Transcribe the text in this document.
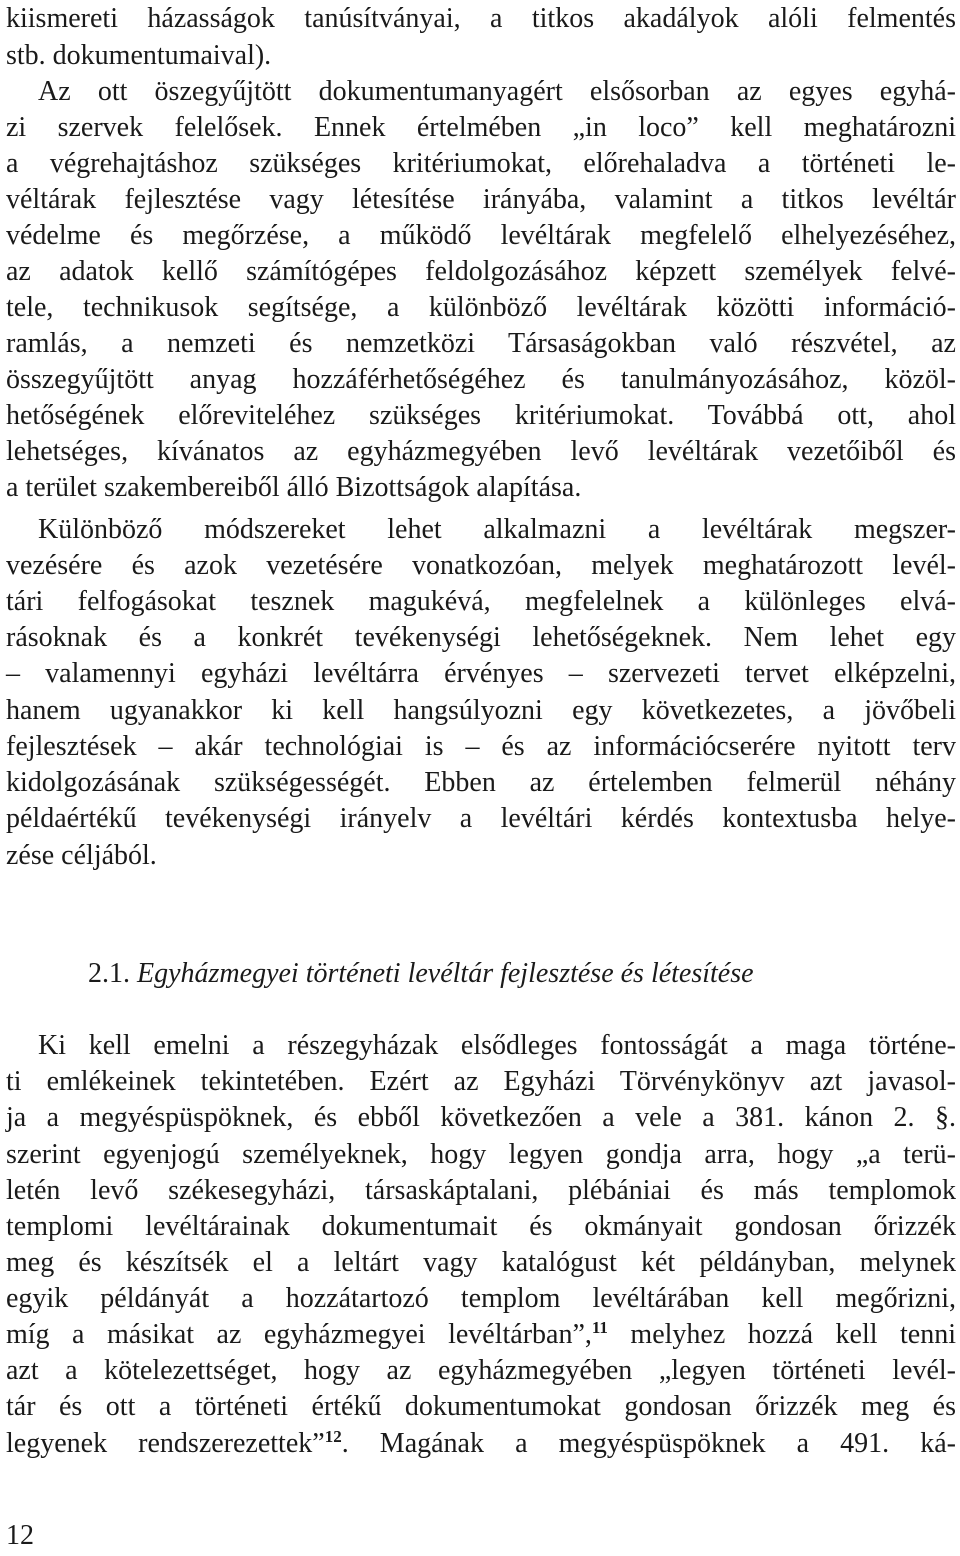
kiismereti házasságok tanúsítványai, a titkos akadályok alóli felmentés
stb. dokumentumaival).
Az ott öszegyűjtött dokumentumanyagért elsősorban az egyes egyhá-
zi szervek felelősek. Ennek értelmében „in loco” kell meghatározni
a végrehajtáshoz szükséges kritériumokat, előrehaladva a történeti le-
véltárak fejlesztése vagy létesítése irányába, valamint a titkos levéltár
védelme és megőrzése, a működő levéltárak megfelelő elhelyezéséhez,
az adatok kellő számítógépes feldolgozásához képzett személyek felvé-
tele, technikusok segítsége, a különböző levéltárak közötti információ-
ramlás, a nemzeti és nemzetközi Társaságokban való részvétel, az
összegyűjtött anyag hozzáférhetőségéhez és tanulmányozásához, közöl-
hetőségének előreviteléhez szükséges kritériumokat. Továbbá ott, ahol
lehetséges, kívánatos az egyházmegyében levő levéltárak vezetőiből és
a terület szakembereiből álló Bizottságok alapítása.
Különböző módszereket lehet alkalmazni a levéltárak megszer-
vezésére és azok vezetésére vonatkozóan, melyek meghatározott levél-
tári felfogásokat tesznek magukévá, megfelelnek a különleges elvá-
rásoknak és a konkrét tevékenységi lehetőségeknek. Nem lehet egy
– valamennyi egyházi levéltárra érvényes – szervezeti tervet elképzelni,
hanem ugyanakkor ki kell hangsúlyozni egy következetes, a jövőbeli
fejlesztések – akár technológiai is – és az információcserére nyitott terv
kidolgozásának szükségességét. Ebben az értelemben felmerül néhány
példaértékű tevékenységi irányelv a levéltári kérdés kontextusba helye-
zése céljából.
2.1. Egyházmegyei történeti levéltár fejlesztése és létesítése
Ki kell emelni a részegyházak elsődleges fontosságát a maga történe-
ti emlékeinek tekintetében. Ezért az Egyházi Törvénykönyv azt javasol-
ja a megyéspüspöknek, és ebből következően a vele a 381. kánon 2. §.
szerint egyenjogú személyeknek, hogy legyen gondja arra, hogy „a terü-
letén levő székesegyházi, társaskáptalani, plébániai és más templomok
templomi levéltárainak dokumentumait és okmányait gondosan őrizzék
meg és készítsék el a leltárt vagy katalógust két példányban, melynek
egyik példányát a hozzátartozó templom levéltárában kell megőrizni,
míg a másikat az egyházmegyei levéltárban”,$^{11}$ melyhez hozzá kell tenni
azt a kötelezettséget, hogy az egyházmegyében „legyen történeti levél-
tár és ott a történeti értékű dokumentumokat gondosan őrizzék meg és
legyenek rendszerezettek”$^{12}$. Magának a megyéspüspöknek a 491. ká-
12
